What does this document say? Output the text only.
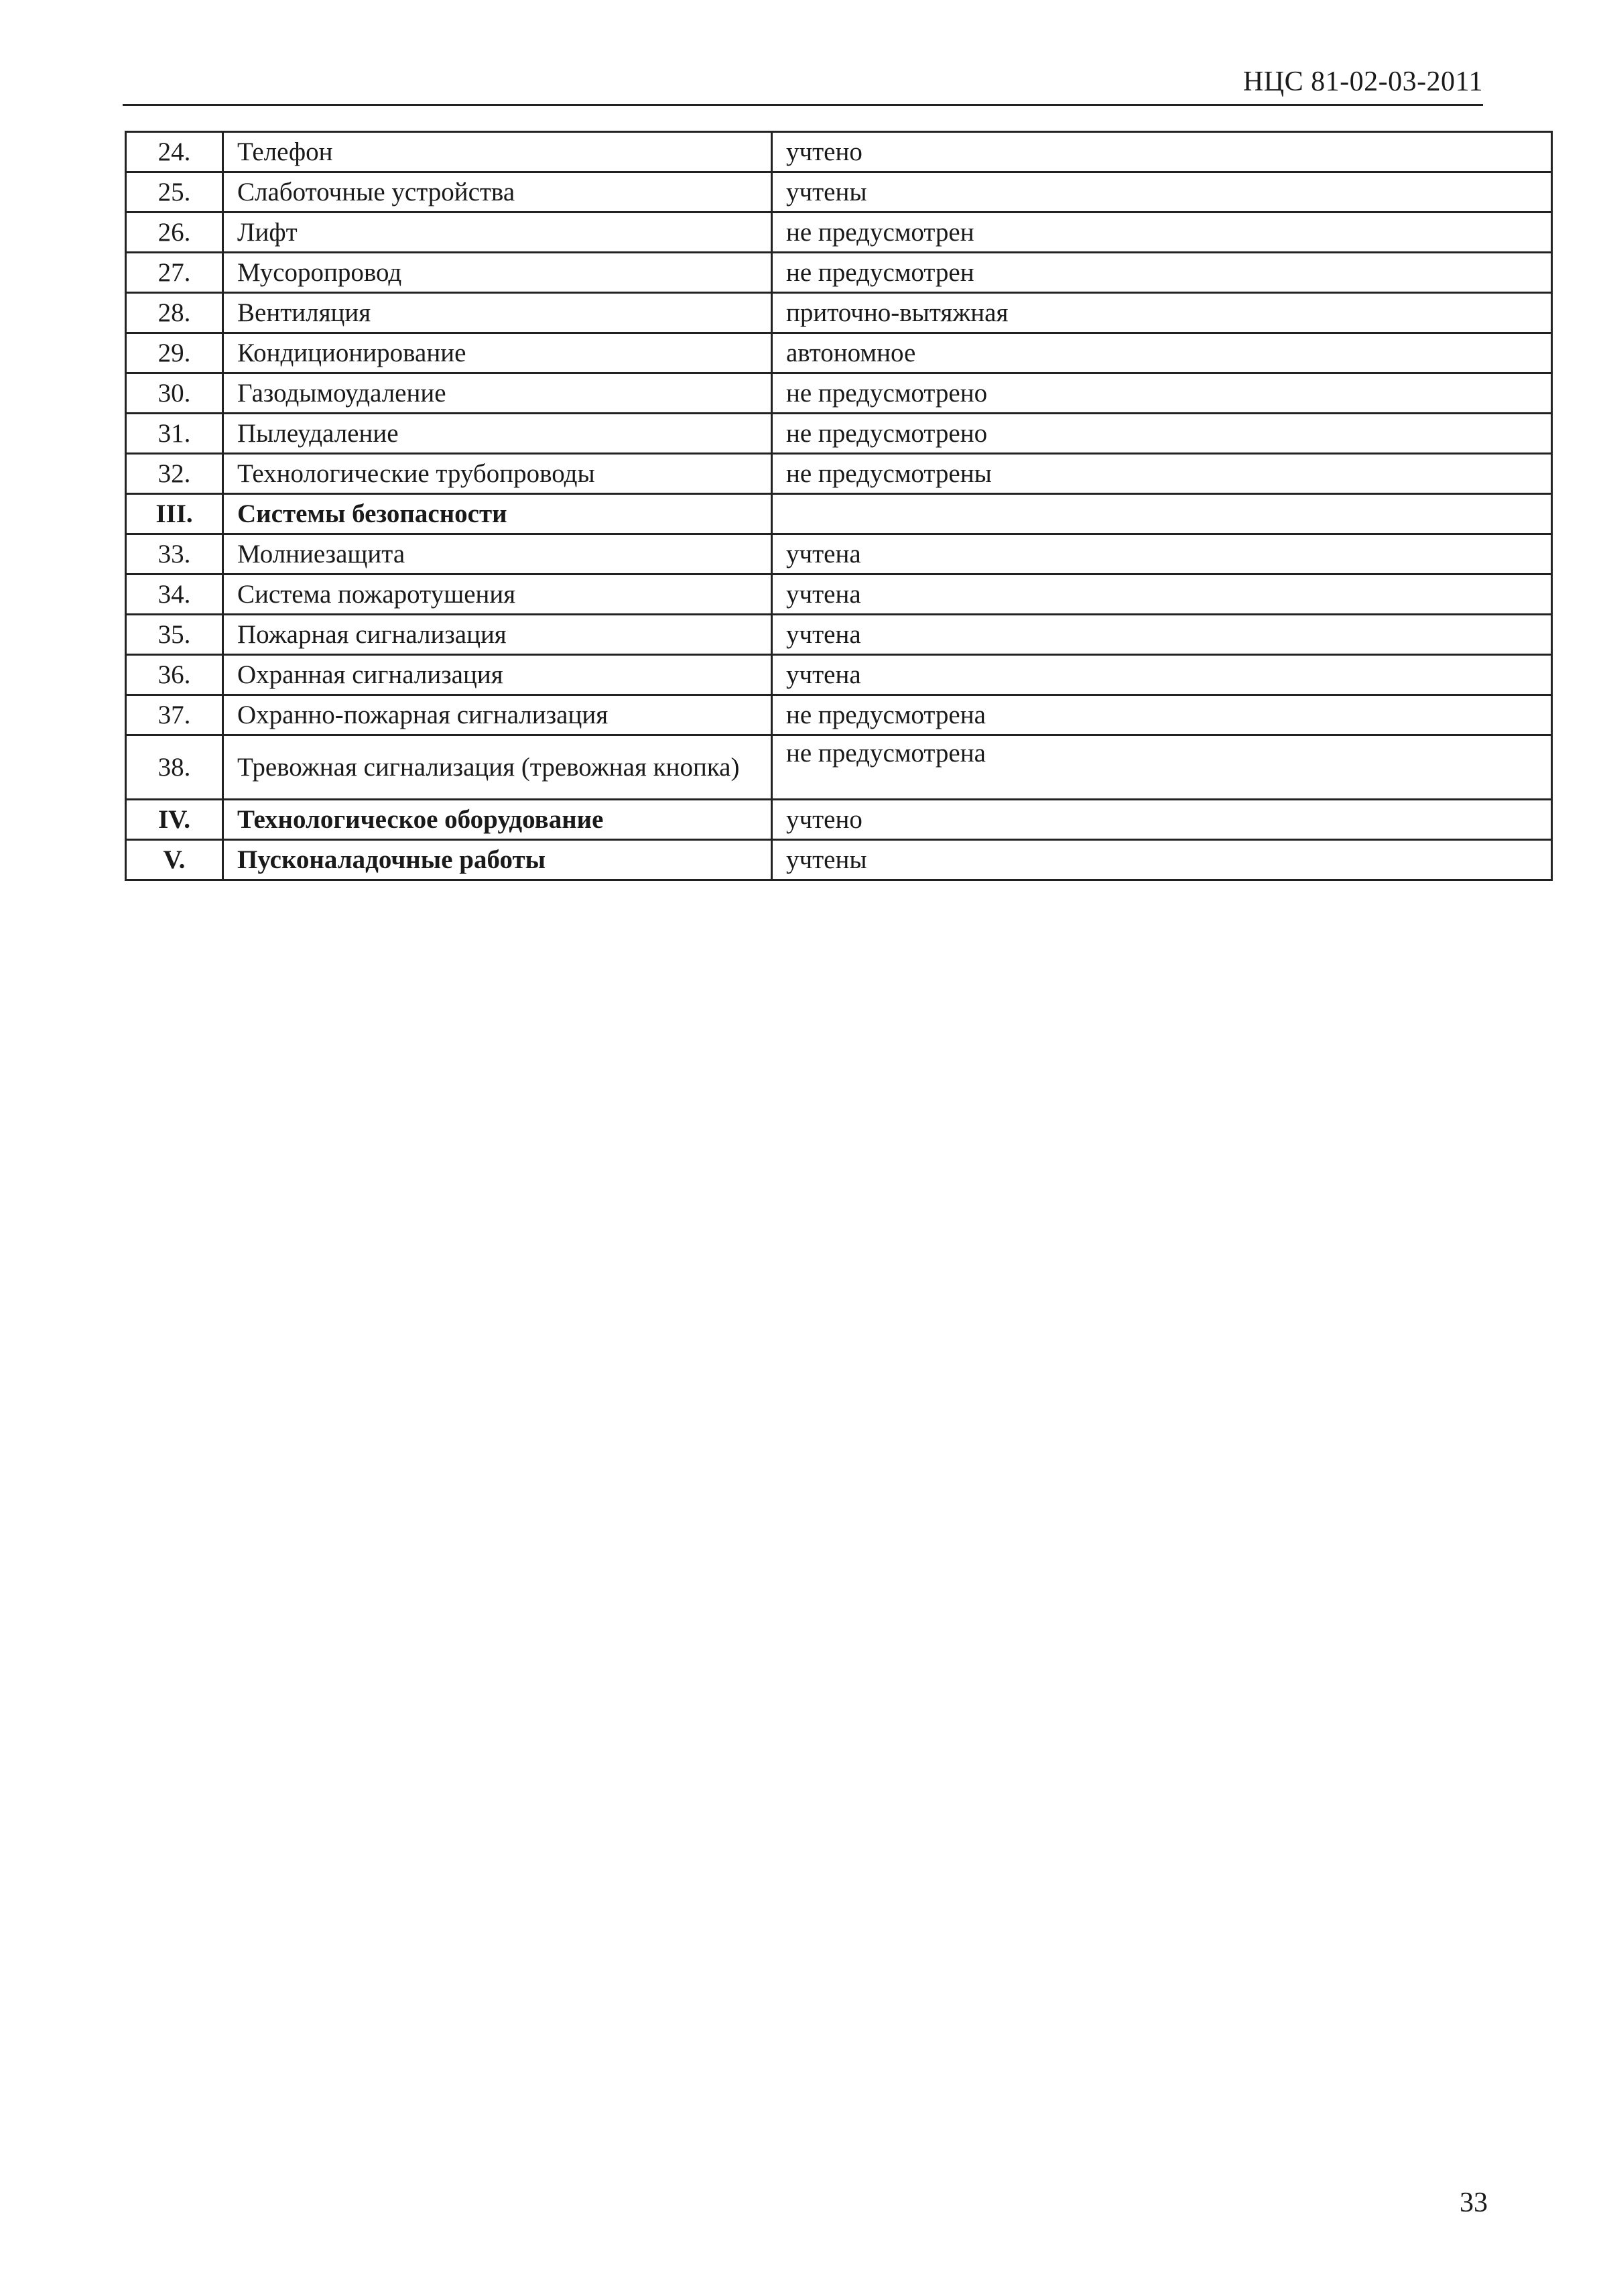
НЦС 81-02-03-2011
24.	Телефон	учтено
25.	Слаботочные устройства	учтены
26.	Лифт	не предусмотрен
27.	Мусоропровод	не предусмотрен
28.	Вентиляция	приточно-вытяжная
29.	Кондиционирование	автономное
30.	Газодымоудаление	не предусмотрено
31.	Пылеудаление	не предусмотрено
32.	Технологические трубопроводы	не предусмотрены
III.	Системы безопасности	
33.	Молниезащита	учтена
34.	Система пожаротушения	учтена
35.	Пожарная сигнализация	учтена
36.	Охранная сигнализация	учтена
37.	Охранно-пожарная сигнализация	не предусмотрена
38.	Тревожная сигнализация (тревожная кнопка)	не предусмотрена
IV.	Технологическое оборудование	учтено
V.	Пусконаладочные работы	учтены
33
